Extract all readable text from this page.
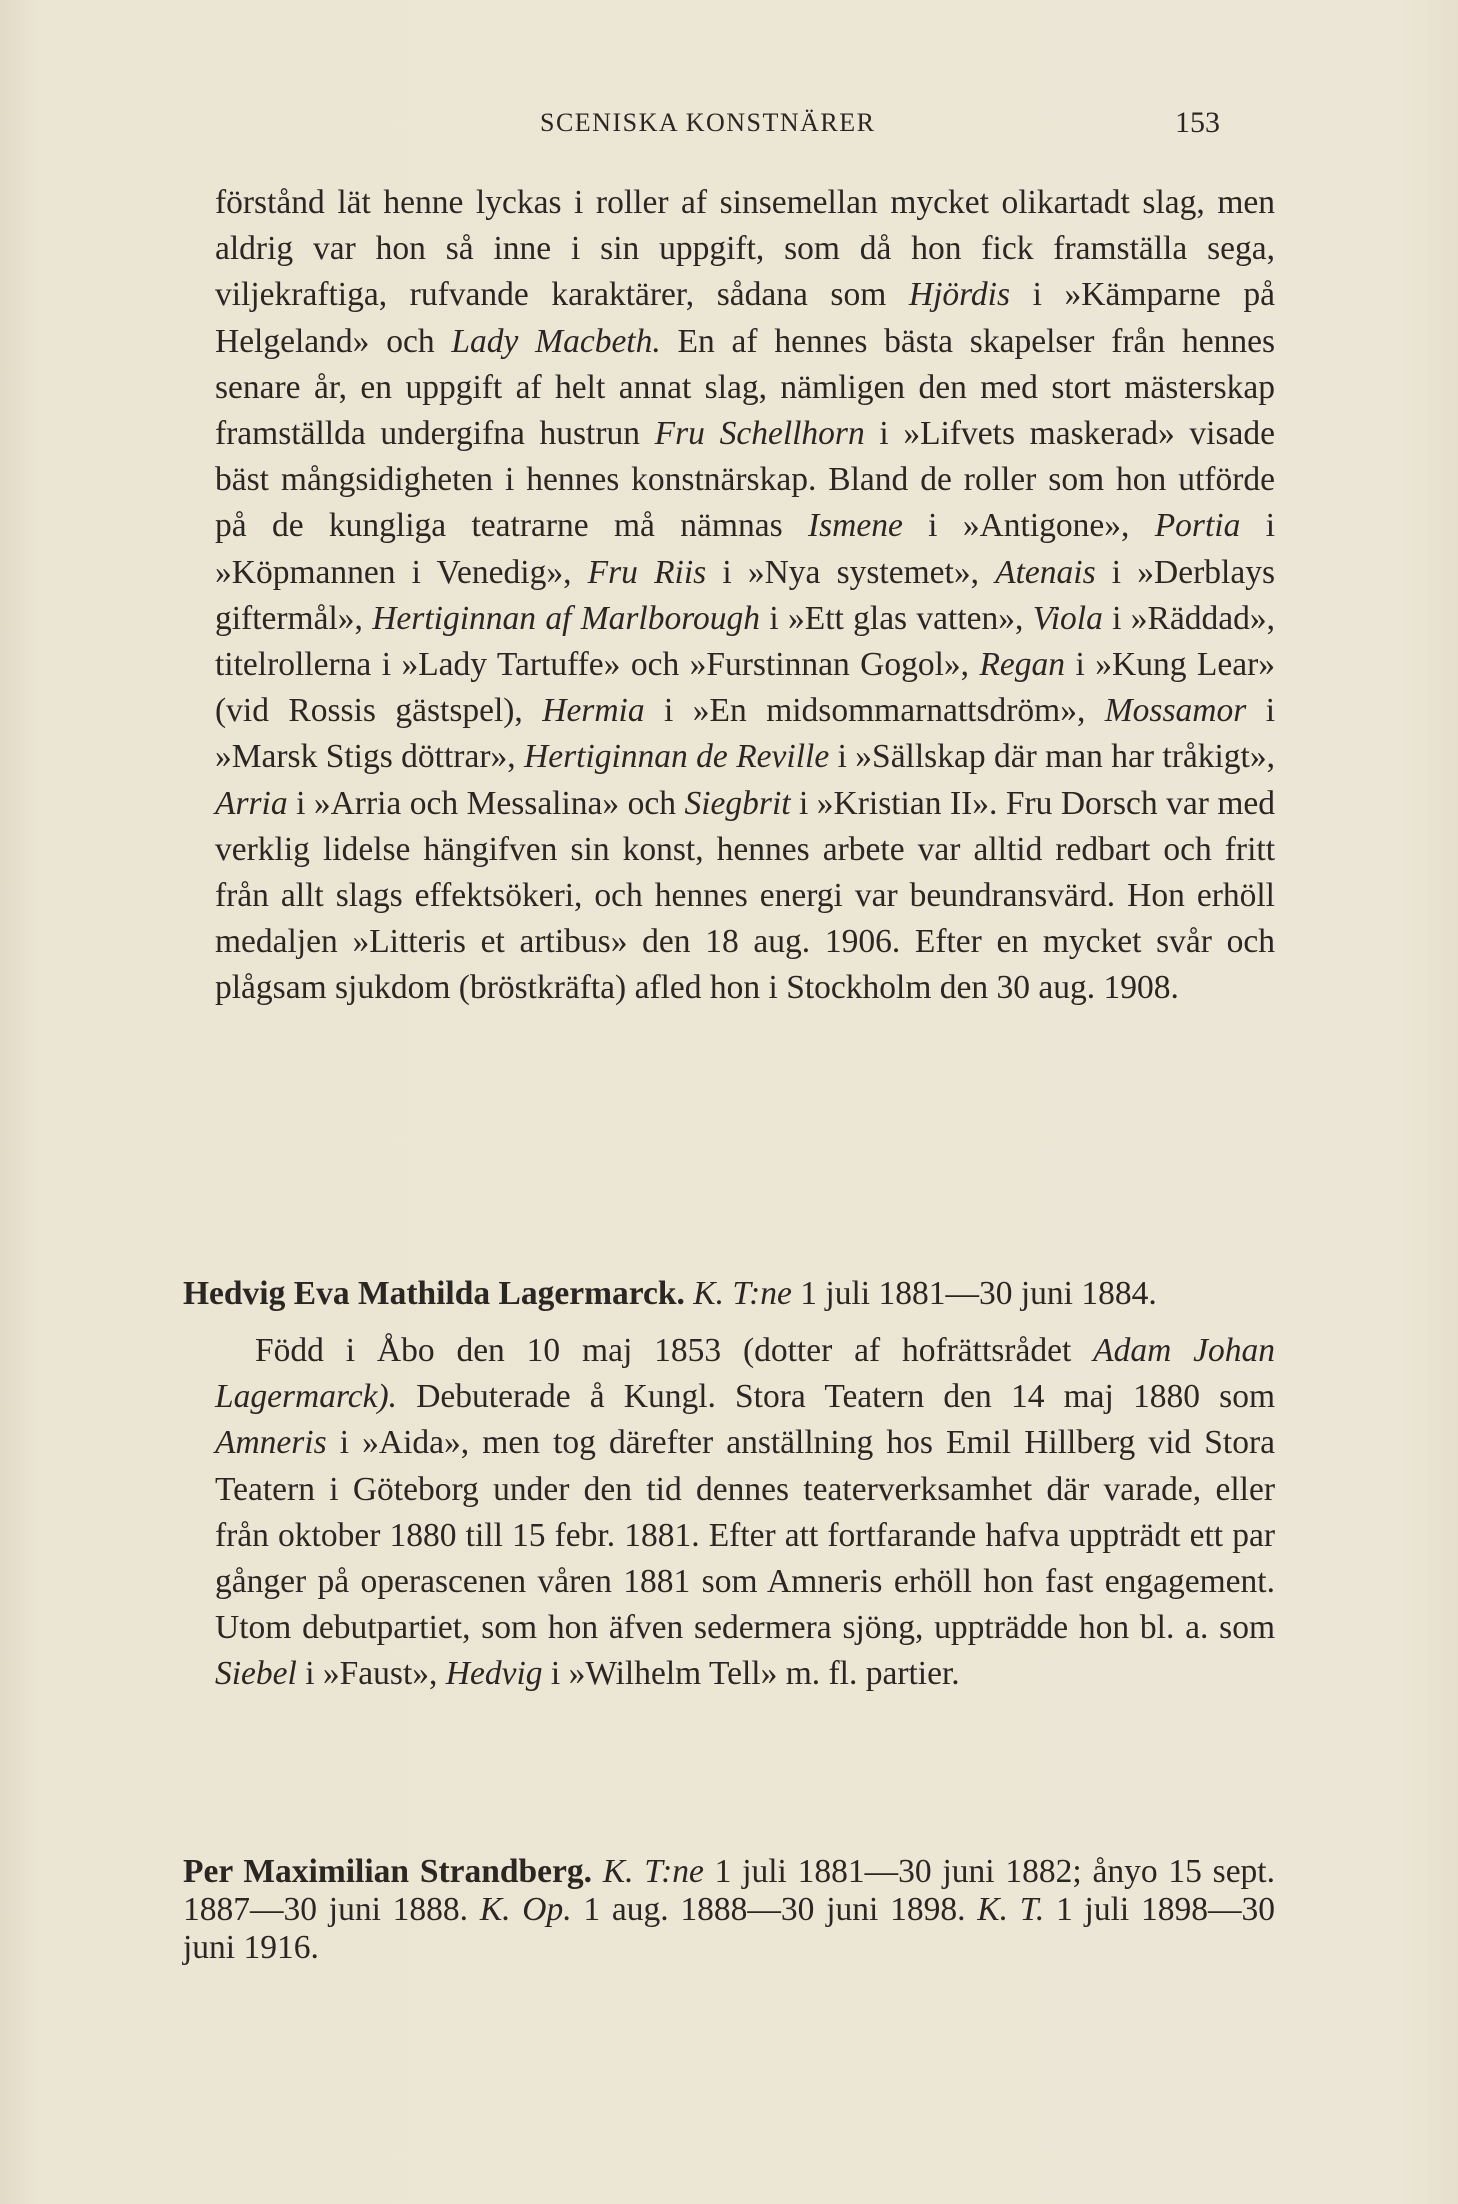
SCENISKA KONSTNÄRER	153
förstånd lät henne lyckas i roller af sinsemellan mycket olikartadt slag, men aldrig var hon så inne i sin uppgift, som då hon fick framställa sega, viljekraftiga, rufvande karaktärer, sådana som Hjördis i »Kämparne på Helgeland» och Lady Macbeth. En af hennes bästa skapelser från hennes senare år, en uppgift af helt annat slag, nämligen den med stort mästerskap framställda undergifna hustrun Fru Schellhorn i »Lifvets maskerad» visade bäst mångsidigheten i hennes konstnärskap. Bland de roller som hon utförde på de kungliga teatrarne må nämnas Ismene i »Antigone», Portia i »Köpmannen i Venedig», Fru Riis i »Nya systemet», Atenais i »Derblays giftermål», Hertiginnan af Marlborough i »Ett glas vatten», Viola i »Räddad», titelrollerna i »Lady Tartuffe» och »Furstinnan Gogol», Regan i »Kung Lear» (vid Rossis gästspel), Hermia i »En midsommarnattsdröm», Mossamor i »Marsk Stigs döttrar», Hertiginnan de Reville i »Sällskap där man har tråkigt», Arria i »Arria och Messalina» och Siegbrit i »Kristian II». Fru Dorsch var med verklig lidelse hängifven sin konst, hennes arbete var alltid redbart och fritt från allt slags effektsökeri, och hennes energi var beundransvärd. Hon erhöll medaljen »Litteris et artibus» den 18 aug. 1906. Efter en mycket svår och plågsam sjukdom (bröstkräfta) afled hon i Stockholm den 30 aug. 1908.
Hedvig Eva Mathilda Lagermarck. K. T:ne 1 juli 1881—30 juni 1884.
Född i Åbo den 10 maj 1853 (dotter af hofrättsrådet Adam Johan Lagermarck). Debuterade å Kungl. Stora Teatern den 14 maj 1880 som Amneris i »Aida», men tog därefter anställning hos Emil Hillberg vid Stora Teatern i Göteborg under den tid dennes teaterverksamhet där varade, eller från oktober 1880 till 15 febr. 1881. Efter att fortfarande hafva uppträdt ett par gånger på operascenen våren 1881 som Amneris erhöll hon fast engagement. Utom debutpartiet, som hon äfven sedermera sjöng, uppträdde hon bl. a. som Siebel i »Faust», Hedvig i »Wilhelm Tell» m. fl. partier.
Per Maximilian Strandberg. K. T:ne 1 juli 1881—30 juni 1882; ånyo 15 sept. 1887—30 juni 1888. K. Op. 1 aug. 1888—30 juni 1898. K. T. 1 juli 1898—30 juni 1916.
